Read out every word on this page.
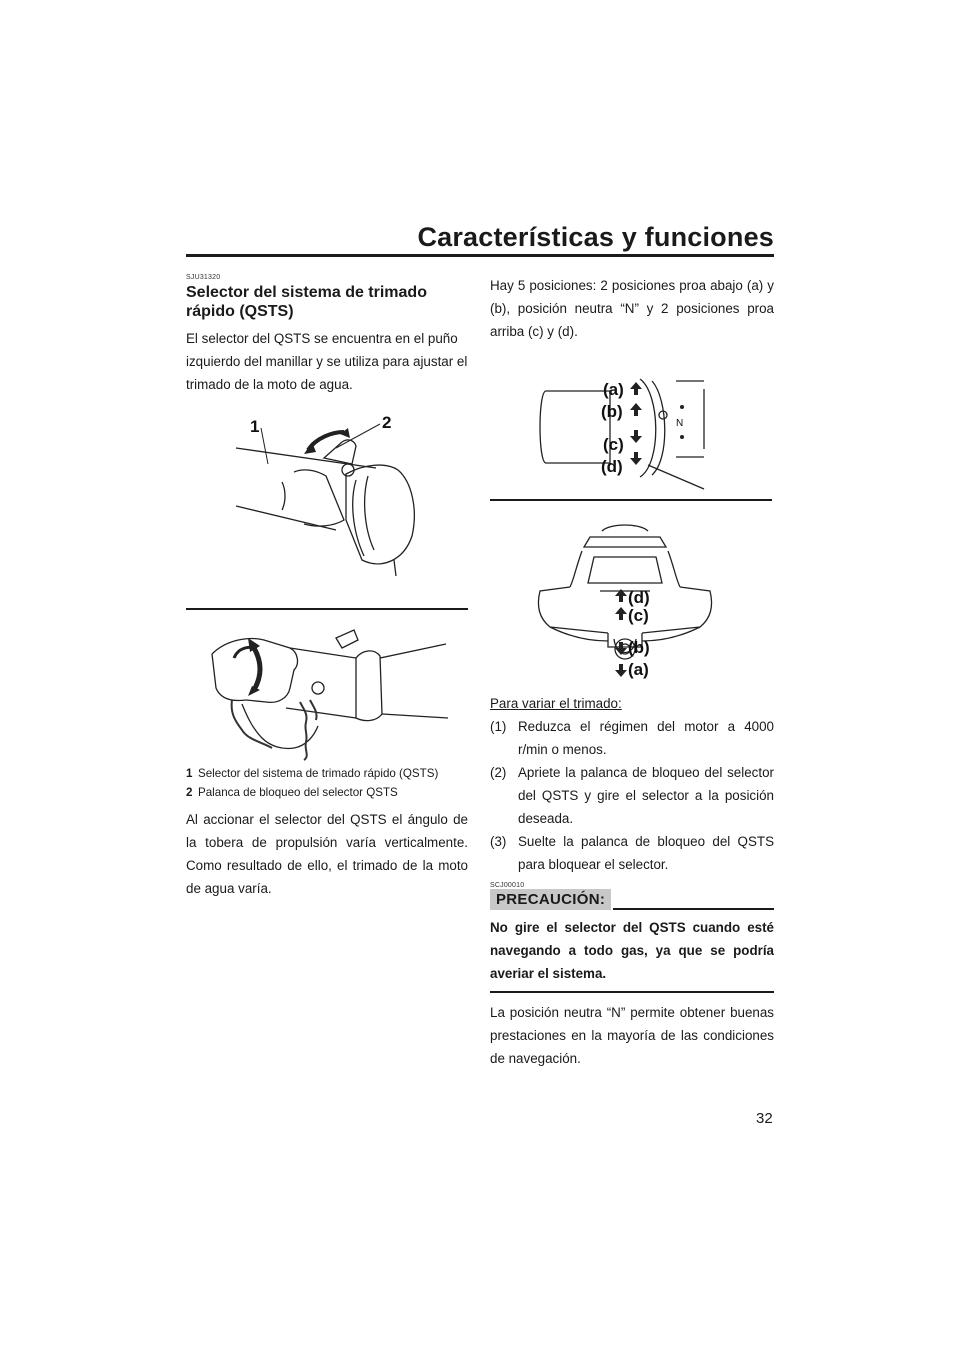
Características y funciones
SJU31320
Selector del sistema de trimado rápido (QSTS)
El selector del QSTS se encuentra en el puño izquierdo del manillar y se utiliza para ajustar el trimado de la moto de agua.
1	2
1 Selector del sistema de trimado rápido (QSTS)
2 Palanca de bloqueo del selector QSTS
Al accionar el selector del QSTS el ángulo de la tobera de propulsión varía verticalmente. Como resultado de ello, el trimado de la moto de agua varía.
Hay 5 posiciones: 2 posiciones proa abajo (a) y (b), posición neutra “N” y 2 posiciones proa arriba (c) y (d).
(a)
(b)
(c)
(d)
N
(d)
(c)
(b)
(a)
Para variar el trimado:
(1) Reduzca el régimen del motor a 4000 r/min o menos.
(2) Apriete la palanca de bloqueo del selector del QSTS y gire el selector a la posición deseada.
(3) Suelte la palanca de bloqueo del QSTS para bloquear el selector.
SCJ00010
PRECAUCIÓN:
No gire el selector del QSTS cuando esté navegando a todo gas, ya que se podría averiar el sistema.
La posición neutra “N” permite obtener buenas prestaciones en la mayoría de las condiciones de navegación.
32
